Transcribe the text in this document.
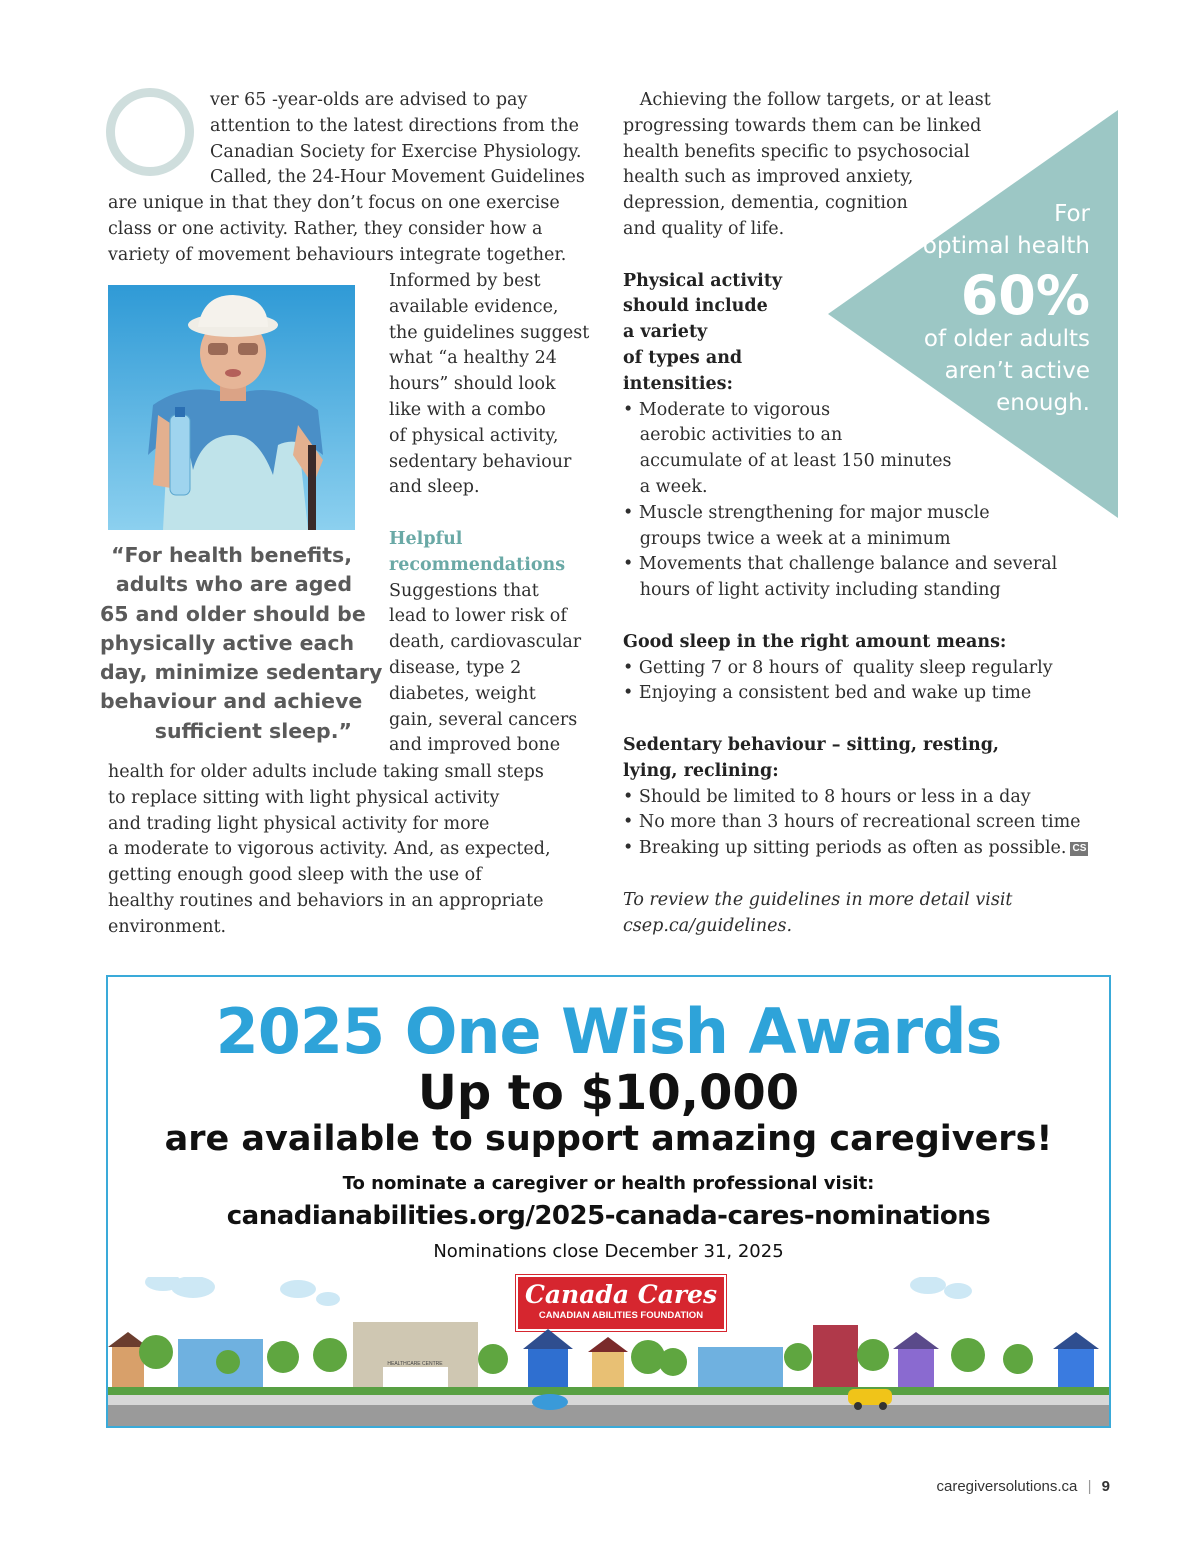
ver 65 -year-olds are advised to pay
attention to the latest directions from the
Canadian Society for Exercise Physiology.
Called, the 24-Hour Movement Guidelines
are unique in that they don’t focus on one exercise
class or one activity. Rather, they consider how a
variety of movement behaviours integrate together.
Informed by best
available evidence,
the guidelines suggest
what “a healthy 24
hours” should look
like with a combo
of physical activity,
sedentary behaviour
and sleep.
Helpful
recommendations
Suggestions that
lead to lower risk of
death, cardiovascular
disease, type 2
diabetes, weight
gain, several cancers
and improved bone
“For health benefits,
adults who are aged
65 and older should be
physically active each
day, minimize sedentary
behaviour and achieve
sufficient sleep.”
health for older adults include taking small steps
to replace sitting with light physical activity
and trading light physical activity for more
a moderate to vigorous activity. And, as expected,
getting enough good sleep with the use of
healthy routines and behaviors in an appropriate
environment.
For
optimal health
60%
of older adults
aren’t active
enough.
Achieving the follow targets, or at least
progressing towards them can be linked
health benefits specific to psychosocial
health such as improved anxiety,
depression, dementia, cognition
and quality of life.
Physical activity
should include
a variety
of types and
intensities:
• Moderate to vigorous
aerobic activities to an
accumulate of at least 150 minutes
a week.
• Muscle strengthening for major muscle
groups twice a week at a minimum
• Movements that challenge balance and several
hours of light activity including standing
Good sleep in the right amount means:
• Getting 7 or 8 hours of  quality sleep regularly
• Enjoying a consistent bed and wake up time
Sedentary behaviour – sitting, resting,
lying, reclining:
• Should be limited to 8 hours or less in a day
• No more than 3 hours of recreational screen time
• Breaking up sitting periods as often as possible. CS
To review the guidelines in more detail visit
csep.ca/guidelines.
2025 One Wish Awards
Up to $10,000
are available to support amazing caregivers!
To nominate a caregiver or health professional visit:
canadianabilities.org/2025-canada-cares-nominations
Nominations close December 31, 2025
Canada Cares
CANADIAN ABILITIES FOUNDATION
HEALTHCARE CENTRE
caregiversolutions.ca | 9
